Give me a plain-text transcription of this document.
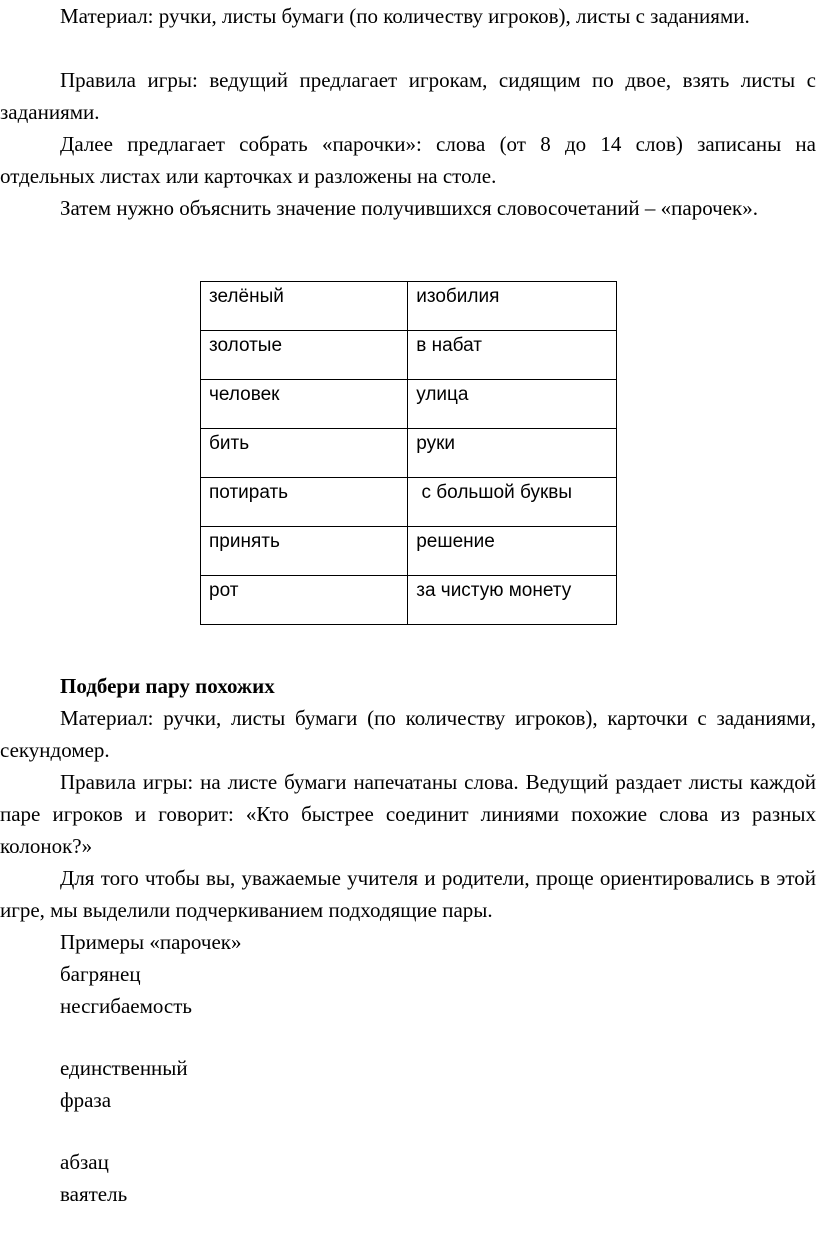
Материал: ручки, листы бумаги (по количеству игроков), листы с заданиями.

Правила игры: ведущий предлагает игрокам, сидящим по двое, взять листы с заданиями.

Далее предлагает собрать «парочки»: слова (от 8 до 14 слов) записаны на отдельных листах или карточках и разложены на столе.

Затем нужно объяснить значение получившихся словосочетаний – «парочек».

зелёный	изобилия
золотые	в набат
человек	улица
бить	руки
потирать	с большой буквы
принять	решение
рот	за чистую монету

Подбери пару похожих

Материал: ручки, листы бумаги (по количеству игроков), карточки с заданиями, секундомер.

Правила игры: на листе бумаги напечатаны слова. Ведущий раздает листы каждой паре игроков и говорит: «Кто быстрее соединит линиями похожие слова из разных колонок?»

Для того чтобы вы, уважаемые учителя и родители, проще ориентировались в этой игре, мы выделили подчеркиванием подходящие пары.

Примеры «парочек»

багрянец

несгибаемость

единственный

фраза

абзац

ваятель
